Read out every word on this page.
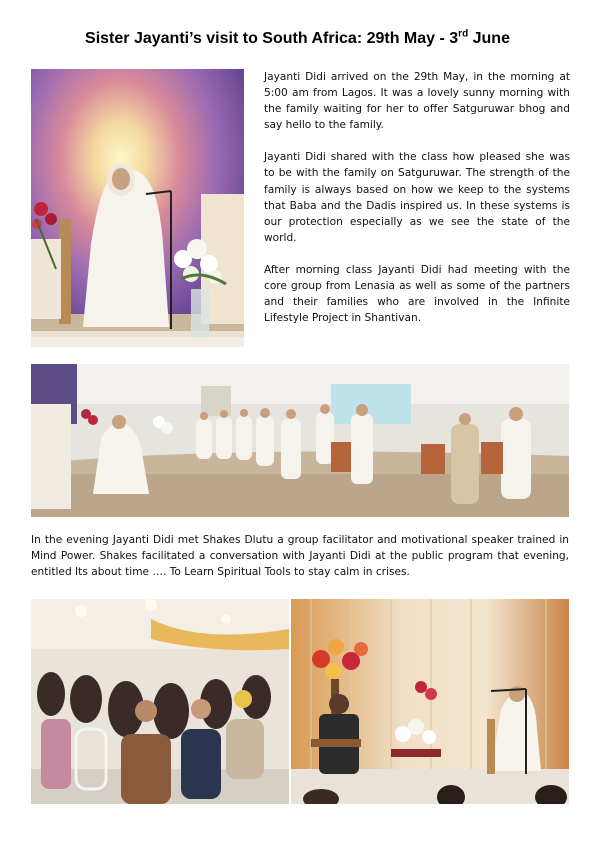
Sister Jayanti’s visit to South Africa: 29th May - 3rd June

Jayanti Didi arrived on the 29th May, in the morning at 5:00 am from Lagos. It was a lovely sunny morning with the family waiting for her to offer Satguruwar bhog and say hello to the family.

Jayanti Didi shared with the class how pleased she was to be with the family on Satguruwar. The strength of the family is always based on how we keep to the systems that Baba and the Dadis inspired us. In these systems is our protection especially as we see the state of the world.

After morning class Jayanti Didi had meeting with the core group from Lenasia as well as some of the partners and their families who are involved in the Infinite Lifestyle Project in Shantivan.

In the evening Jayanti Didi met Shakes Dlutu a group facilitator and motivational speaker trained in Mind Power. Shakes facilitated a conversation with Jayanti Didi at the public program that evening, entitled Its about time …. To Learn Spiritual Tools to stay calm in crises.
